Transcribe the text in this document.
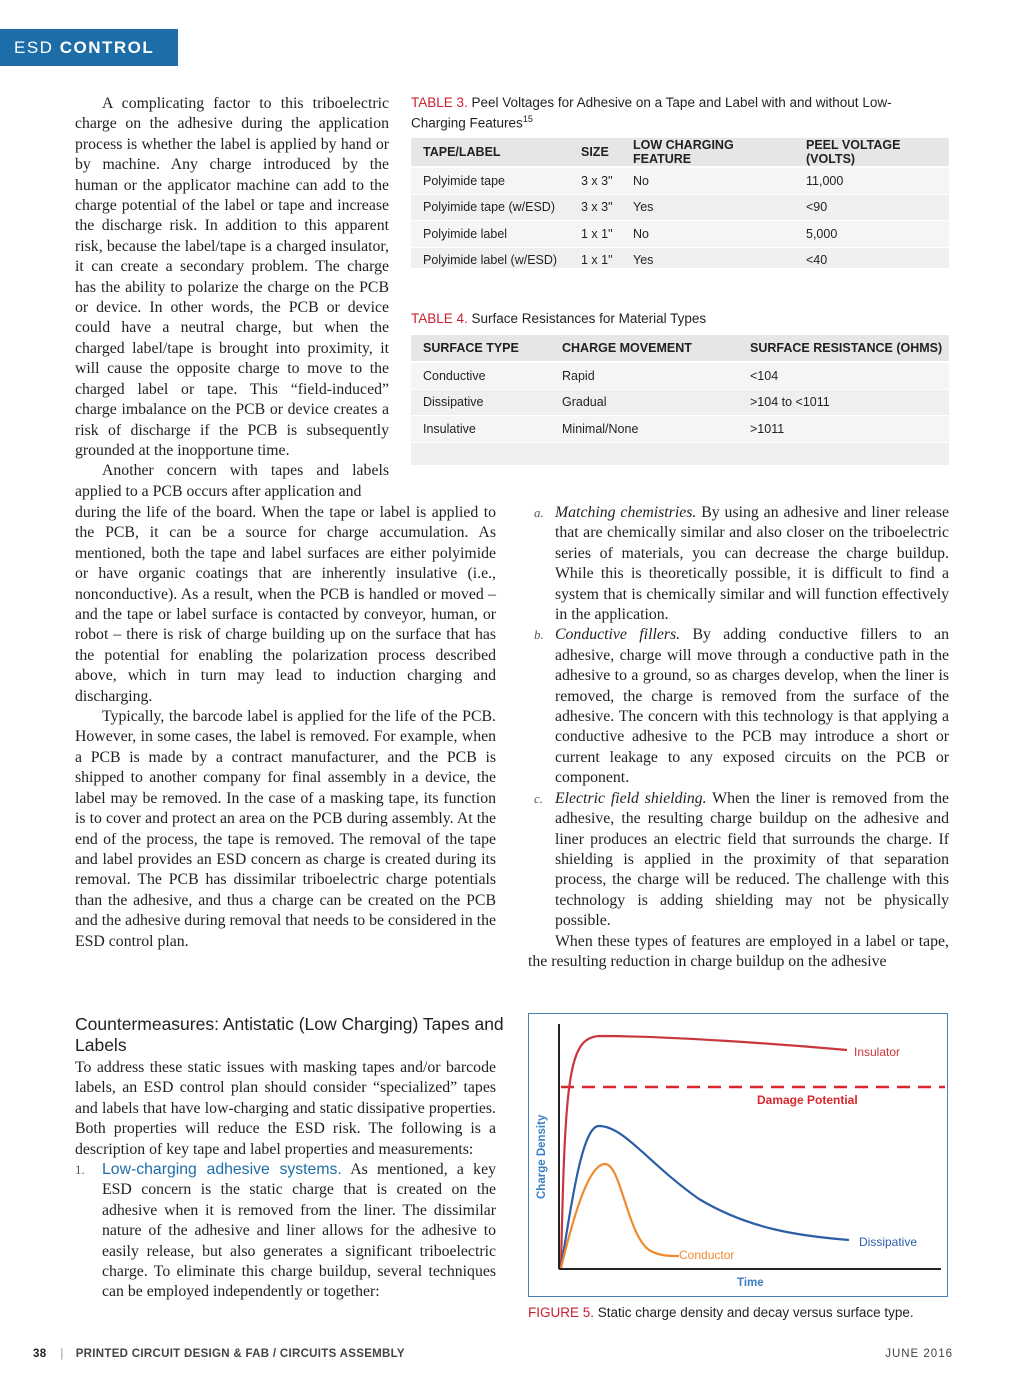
ESD CONTROL

A complicating factor to this triboelectric charge on the adhesive during the application process is whether the label is applied by hand or by machine. Any charge introduced by the human or the applicator machine can add to the charge potential of the label or tape and increase the discharge risk. In addition to this apparent risk, because the label/tape is a charged insulator, it can create a secondary problem. The charge has the ability to polarize the charge on the PCB or device. In other words, the PCB or device could have a neutral charge, but when the charged label/tape is brought into proximity, it will cause the opposite charge to move to the charged label or tape. This “field-induced” charge imbalance on the PCB or device creates a risk of discharge if the PCB is subsequently grounded at the inopportune time.

Another concern with tapes and labels applied to a PCB occurs after application and

TABLE 3. Peel Voltages for Adhesive on a Tape and Label with and without Low-Charging Features$^{15}$
TAPE/LABEL	SIZE	LOW CHARGING FEATURE	PEEL VOLTAGE (VOLTS)
Polyimide tape	3 x 3"	No	11,000
Polyimide tape (w/ESD)	3 x 3"	Yes	<90
Polyimide label	1 x 1"	No	5,000
Polyimide label (w/ESD)	1 x 1"	Yes	<40
TABLE 4. Surface Resistances for Material Types
SURFACE TYPE	CHARGE MOVEMENT	SURFACE RESISTANCE (OHMS)
Conductive	Rapid	<104
Dissipative	Gradual	>104 to <1011
Insulative	Minimal/None	>1011

during the life of the board. When the tape or label is applied to the PCB, it can be a source for charge accumulation. As mentioned, both the tape and label surfaces are either polyimide or have organic coatings that are inherently insulative (i.e., nonconductive). As a result, when the PCB is handled or moved – and the tape or label surface is contacted by conveyor, human, or robot – there is risk of charge building up on the surface that has the potential for enabling the polarization process described above, which in turn may lead to induction charging and discharging.

Typically, the barcode label is applied for the life of the PCB. However, in some cases, the label is removed. For example, when a PCB is made by a contract manufacturer, and the PCB is shipped to another company for final assembly in a device, the label may be removed. In the case of a masking tape, its function is to cover and protect an area on the PCB during assembly. At the end of the process, the tape is removed. The removal of the tape and label provides an ESD concern as charge is created during its removal. The PCB has dissimilar triboelectric charge potentials than the adhesive, and thus a charge can be created on the PCB and the adhesive during removal that needs to be considered in the ESD control plan.

Countermeasures: Antistatic (Low Charging) Tapes and Labels

To address these static issues with masking tapes and/or barcode labels, an ESD control plan should consider “specialized” tapes and labels that have low-charging and static dissipative properties. Both properties will reduce the ESD risk. The following is a description of key tape and label properties and measurements:

1. Low-charging adhesive systems. As mentioned, a key ESD concern is the static charge that is created on the adhesive when it is removed from the liner. The dissimilar nature of the adhesive and liner allows for the adhesive to easily release, but also generates a significant triboelectric charge. To eliminate this charge buildup, several techniques can be employed independently or together:
a. Matching chemistries. By using an adhesive and liner release that are chemically similar and also closer on the triboelectric series of materials, you can decrease the charge buildup. While this is theoretically possible, it is difficult to find a system that is chemically similar and will function effectively in the application.
b. Conductive fillers. By adding conductive fillers to an adhesive, charge will move through a conductive path in the adhesive to a ground, so as charges develop, when the liner is removed, the charge is removed from the surface of the adhesive. The concern with this technology is that applying a conductive adhesive to the PCB may introduce a short or current leakage to any exposed circuits on the PCB or component.
c. Electric field shielding. When the liner is removed from the adhesive, the resulting charge buildup on the adhesive and liner produces an electric field that surrounds the charge. If shielding is applied in the proximity of that separation process, the charge will be reduced. The challenge with this technology is adding shielding may not be physically possible.

When these types of features are employed in a label or tape, the resulting reduction in charge buildup on the adhesive

Insulator
Damage Potential
Dissipative
Conductor
Time
Charge Density
FIGURE 5. Static charge density and decay versus surface type.
38 | PRINTED CIRCUIT DESIGN & FAB / CIRCUITS ASSEMBLY	JUNE 2016
